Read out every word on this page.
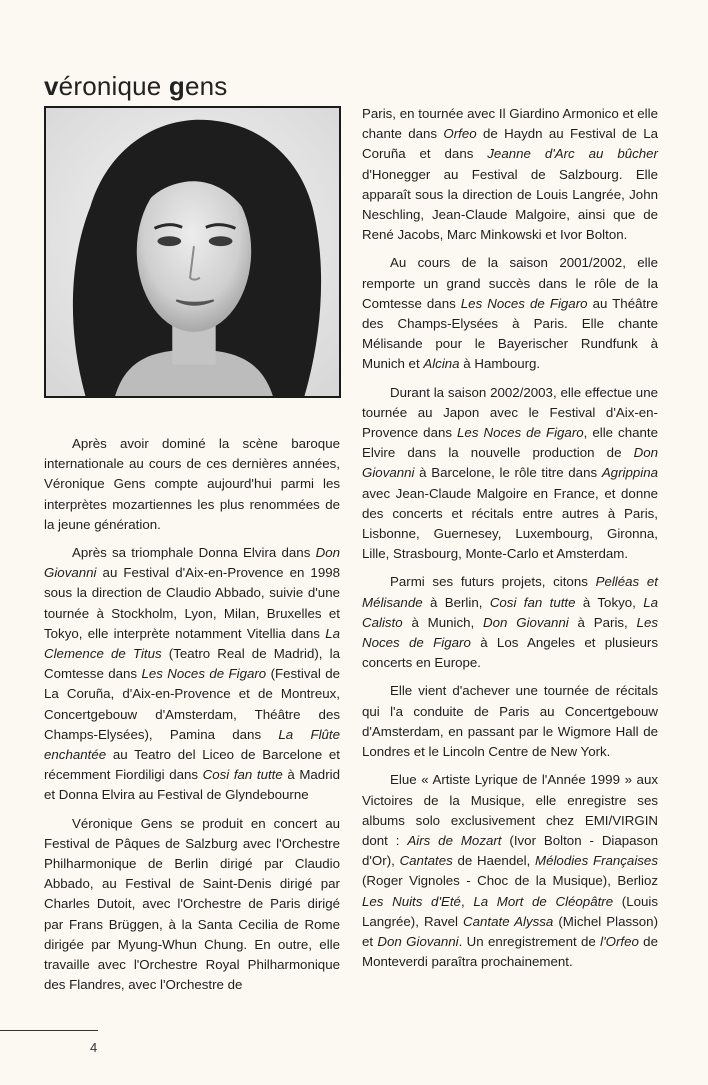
véronique gens

Après avoir dominé la scène baroque internationale au cours de ces dernières années, Véronique Gens compte aujourd'hui parmi les interprètes mozartiennes les plus renommées de la jeune génération.

Après sa triomphale Donna Elvira dans Don Giovanni au Festival d'Aix-en-Provence en 1998 sous la direction de Claudio Abbado, suivie d'une tournée à Stockholm, Lyon, Milan, Bruxelles et Tokyo, elle interprète notamment Vitellia dans La Clemence de Titus (Teatro Real de Madrid), la Comtesse dans Les Noces de Figaro (Festival de La Coruña, d'Aix-en-Provence et de Montreux, Concertgebouw d'Amsterdam, Théâtre des Champs-Elysées), Pamina dans La Flûte enchantée au Teatro del Liceo de Barcelone et récemment Fiordiligi dans Cosi fan tutte à Madrid et Donna Elvira au Festival de Glyndebourne

Véronique Gens se produit en concert au Festival de Pâques de Salzburg avec l'Orchestre Philharmonique de Berlin dirigé par Claudio Abbado, au Festival de Saint-Denis dirigé par Charles Dutoit, avec l'Orchestre de Paris dirigé par Frans Brüggen, à la Santa Cecilia de Rome dirigée par Myung-Whun Chung. En outre, elle travaille avec l'Orchestre Royal Philharmonique des Flandres, avec l'Orchestre de

Paris, en tournée avec Il Giardino Armonico et elle chante dans Orfeo de Haydn au Festival de La Coruña et dans Jeanne d'Arc au bûcher d'Honegger au Festival de Salzbourg. Elle apparaît sous la direction de Louis Langrée, John Neschling, Jean-Claude Malgoire, ainsi que de René Jacobs, Marc Minkowski et Ivor Bolton.

Au cours de la saison 2001/2002, elle remporte un grand succès dans le rôle de la Comtesse dans Les Noces de Figaro au Théâtre des Champs-Elysées à Paris. Elle chante Mélisande pour le Bayerischer Rundfunk à Munich et Alcina à Hambourg.

Durant la saison 2002/2003, elle effectue une tournée au Japon avec le Festival d'Aix-en-Provence dans Les Noces de Figaro, elle chante Elvire dans la nouvelle production de Don Giovanni à Barcelone, le rôle titre dans Agrippina avec Jean-Claude Malgoire en France, et donne des concerts et récitals entre autres à Paris, Lisbonne, Guernesey, Luxembourg, Gironna, Lille, Strasbourg, Monte-Carlo et Amsterdam.

Parmi ses futurs projets, citons Pelléas et Mélisande à Berlin, Cosi fan tutte à Tokyo, La Calisto à Munich, Don Giovanni à Paris, Les Noces de Figaro à Los Angeles et plusieurs concerts en Europe.

Elle vient d'achever une tournée de récitals qui l'a conduite de Paris au Concertgebouw d'Amsterdam, en passant par le Wigmore Hall de Londres et le Lincoln Centre de New York.

Elue « Artiste Lyrique de l'Année 1999 » aux Victoires de la Musique, elle enregistre ses albums solo exclusivement chez EMI/VIRGIN dont : Airs de Mozart (Ivor Bolton - Diapason d'Or), Cantates de Haendel, Mélodies Françaises (Roger Vignoles - Choc de la Musique), Berlioz Les Nuits d'Eté, La Mort de Cléopâtre (Louis Langrée), Ravel Cantate Alyssa (Michel Plasson) et Don Giovanni. Un enregistrement de l'Orfeo de Monteverdi paraîtra prochainement.

4
